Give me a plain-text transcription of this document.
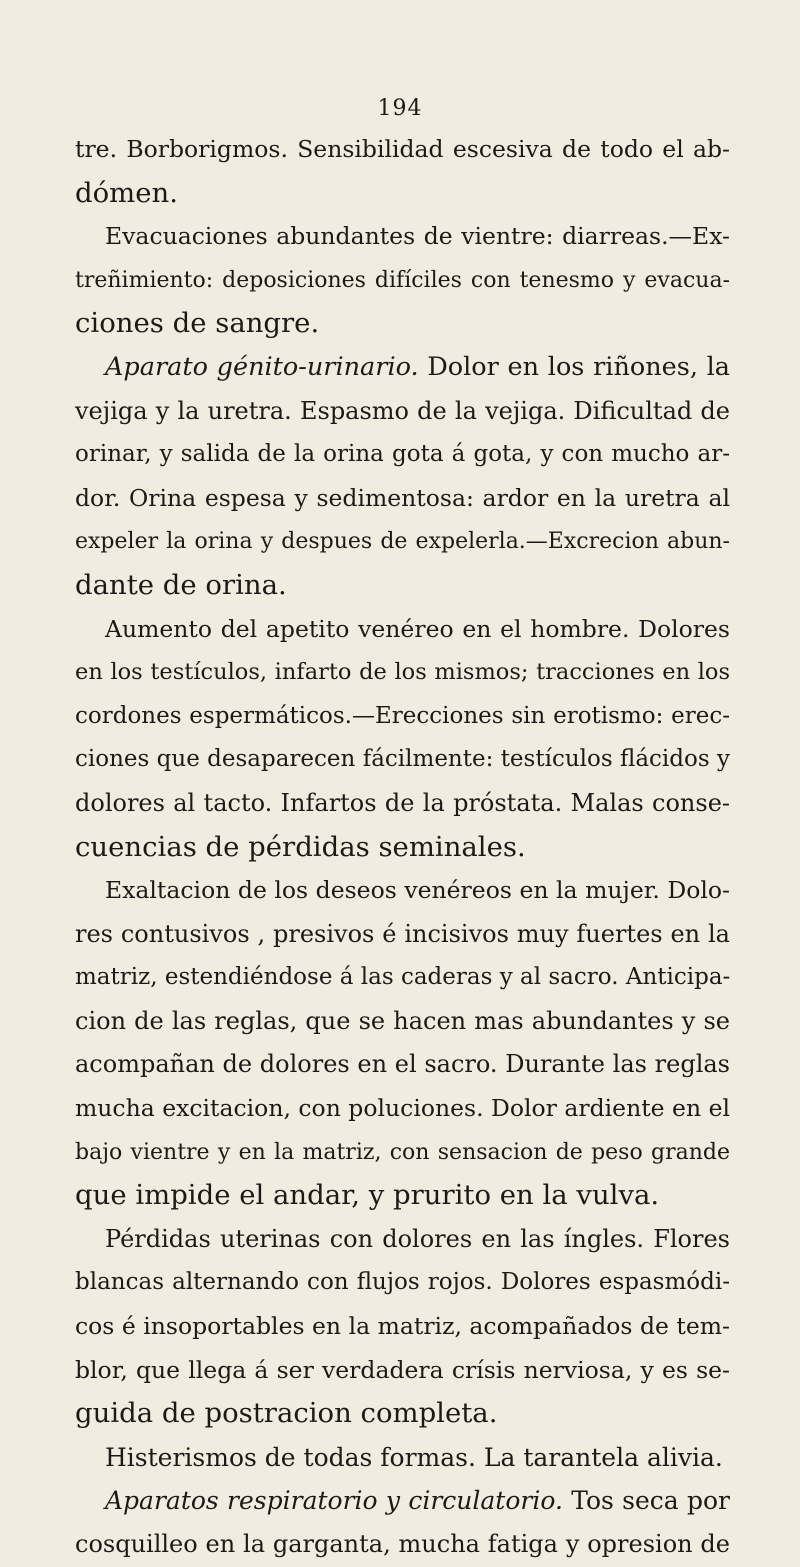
194
tre. Borborigmos. Sensibilidad escesiva de todo el ab-
dómen.
Evacuaciones abundantes de vientre: diarreas.—Ex-
treñimiento: deposiciones difíciles con tenesmo y evacua-
ciones de sangre.
Aparato génito-urinario. Dolor en los riñones, la
vejiga y la uretra. Espasmo de la vejiga. Dificultad de
orinar, y salida de la orina gota á gota, y con mucho ar-
dor. Orina espesa y sedimentosa: ardor en la uretra al
expeler la orina y despues de expelerla.—Excrecion abun-
dante de orina.
Aumento del apetito venéreo en el hombre. Dolores
en los testículos, infarto de los mismos; tracciones en los
cordones espermáticos.—Erecciones sin erotismo: erec-
ciones que desaparecen fácilmente: testículos flácidos y
dolores al tacto. Infartos de la próstata. Malas conse-
cuencias de pérdidas seminales.
Exaltacion de los deseos venéreos en la mujer. Dolo-
res contusivos , presivos é incisivos muy fuertes en la
matriz, estendiéndose á las caderas y al sacro. Anticipa-
cion de las reglas, que se hacen mas abundantes y se
acompañan de dolores en el sacro. Durante las reglas
mucha excitacion, con poluciones. Dolor ardiente en el
bajo vientre y en la matriz, con sensacion de peso grande
que impide el andar, y prurito en la vulva.
Pérdidas uterinas con dolores en las íngles. Flores
blancas alternando con flujos rojos. Dolores espasmódi-
cos é insoportables en la matriz, acompañados de tem-
blor, que llega á ser verdadera crísis nerviosa, y es se-
guida de postracion completa.
Histerismos de todas formas. La tarantela alivia.
Aparatos respiratorio y circulatorio. Tos seca por
cosquilleo en la garganta, mucha fatiga y opresion de
